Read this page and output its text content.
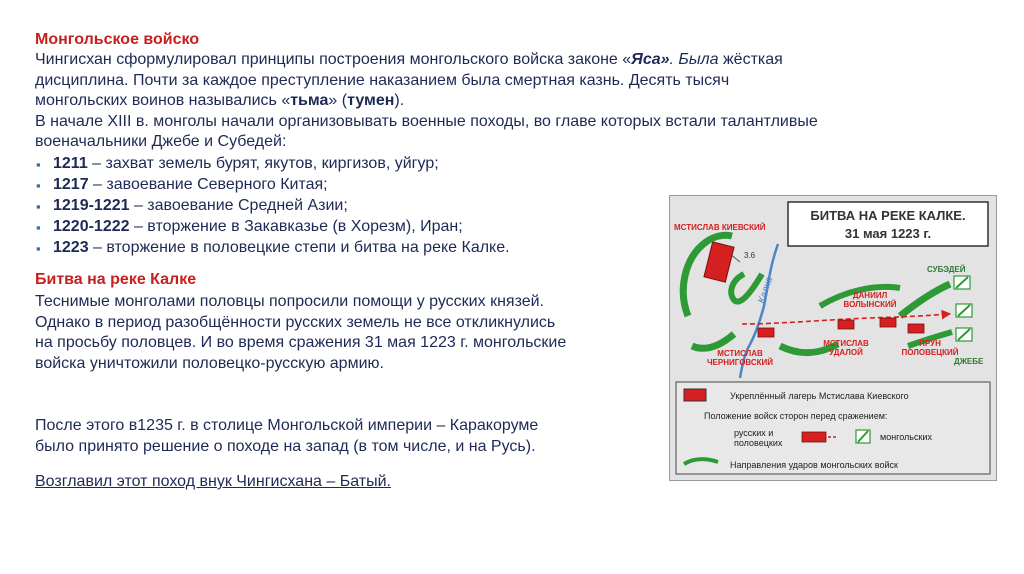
Монгольское войско
Чингисхан сформулировал принципы построения монгольского войска законе «Яса». Была жёсткая
дисциплина. Почти за каждое преступление наказанием была смертная казнь. Десять тысяч
монгольских воинов назывались «тьма» (тумен).
В начале XIII в. монголы начали организовывать военные походы, во главе которых встали талантливые
военачальники Джебе и Субедей:
▪ 1211 – захват земель бурят, якутов, киргизов, уйгур;
▪ 1217 – завоевание Северного Китая;
▪ 1219-1221 – завоевание Средней Азии;
▪ 1220-1222 – вторжение в Закавказье (в Хорезм), Иран;
▪ 1223 – вторжение в половецкие степи и битва на реке Калке.
Битва на реке Калке
Теснимые монголами половцы попросили помощи у русских князей.
Однако в период разобщённости русских земель не все откликнулись
на просьбу половцев. И во время сражения 31 мая 1223 г. монгольские
войска уничтожили половецко-русскую армию.
После этого в1235 г. в столице Монгольской империи – Каракоруме
было принято решение о походе на запад (в том числе, и на Русь).
Возглавил этот поход внук Чингисхана – Батый.
БИТВА НА РЕКЕ КАЛКЕ.
31 мая 1223 г.
Калка
3.6
МСТИСЛАВ КИЕВСКИЙ
СУБЭДЕЙ
ДАНИИЛ
ВОЛЫНСКИЙ
МСТИСЛАВ
УДАЛОЙ
МСТИСЛАВ
ЧЕРНИГОВСКИЙ
ЯРУН
ПОЛОВЕЦКИЙ
ДЖЕБЕ
Укреплённый лагерь Мстислава Киевского
Положение войск сторон перед сражением:
русских и
половецких
монгольских
Направления ударов монгольских войск
